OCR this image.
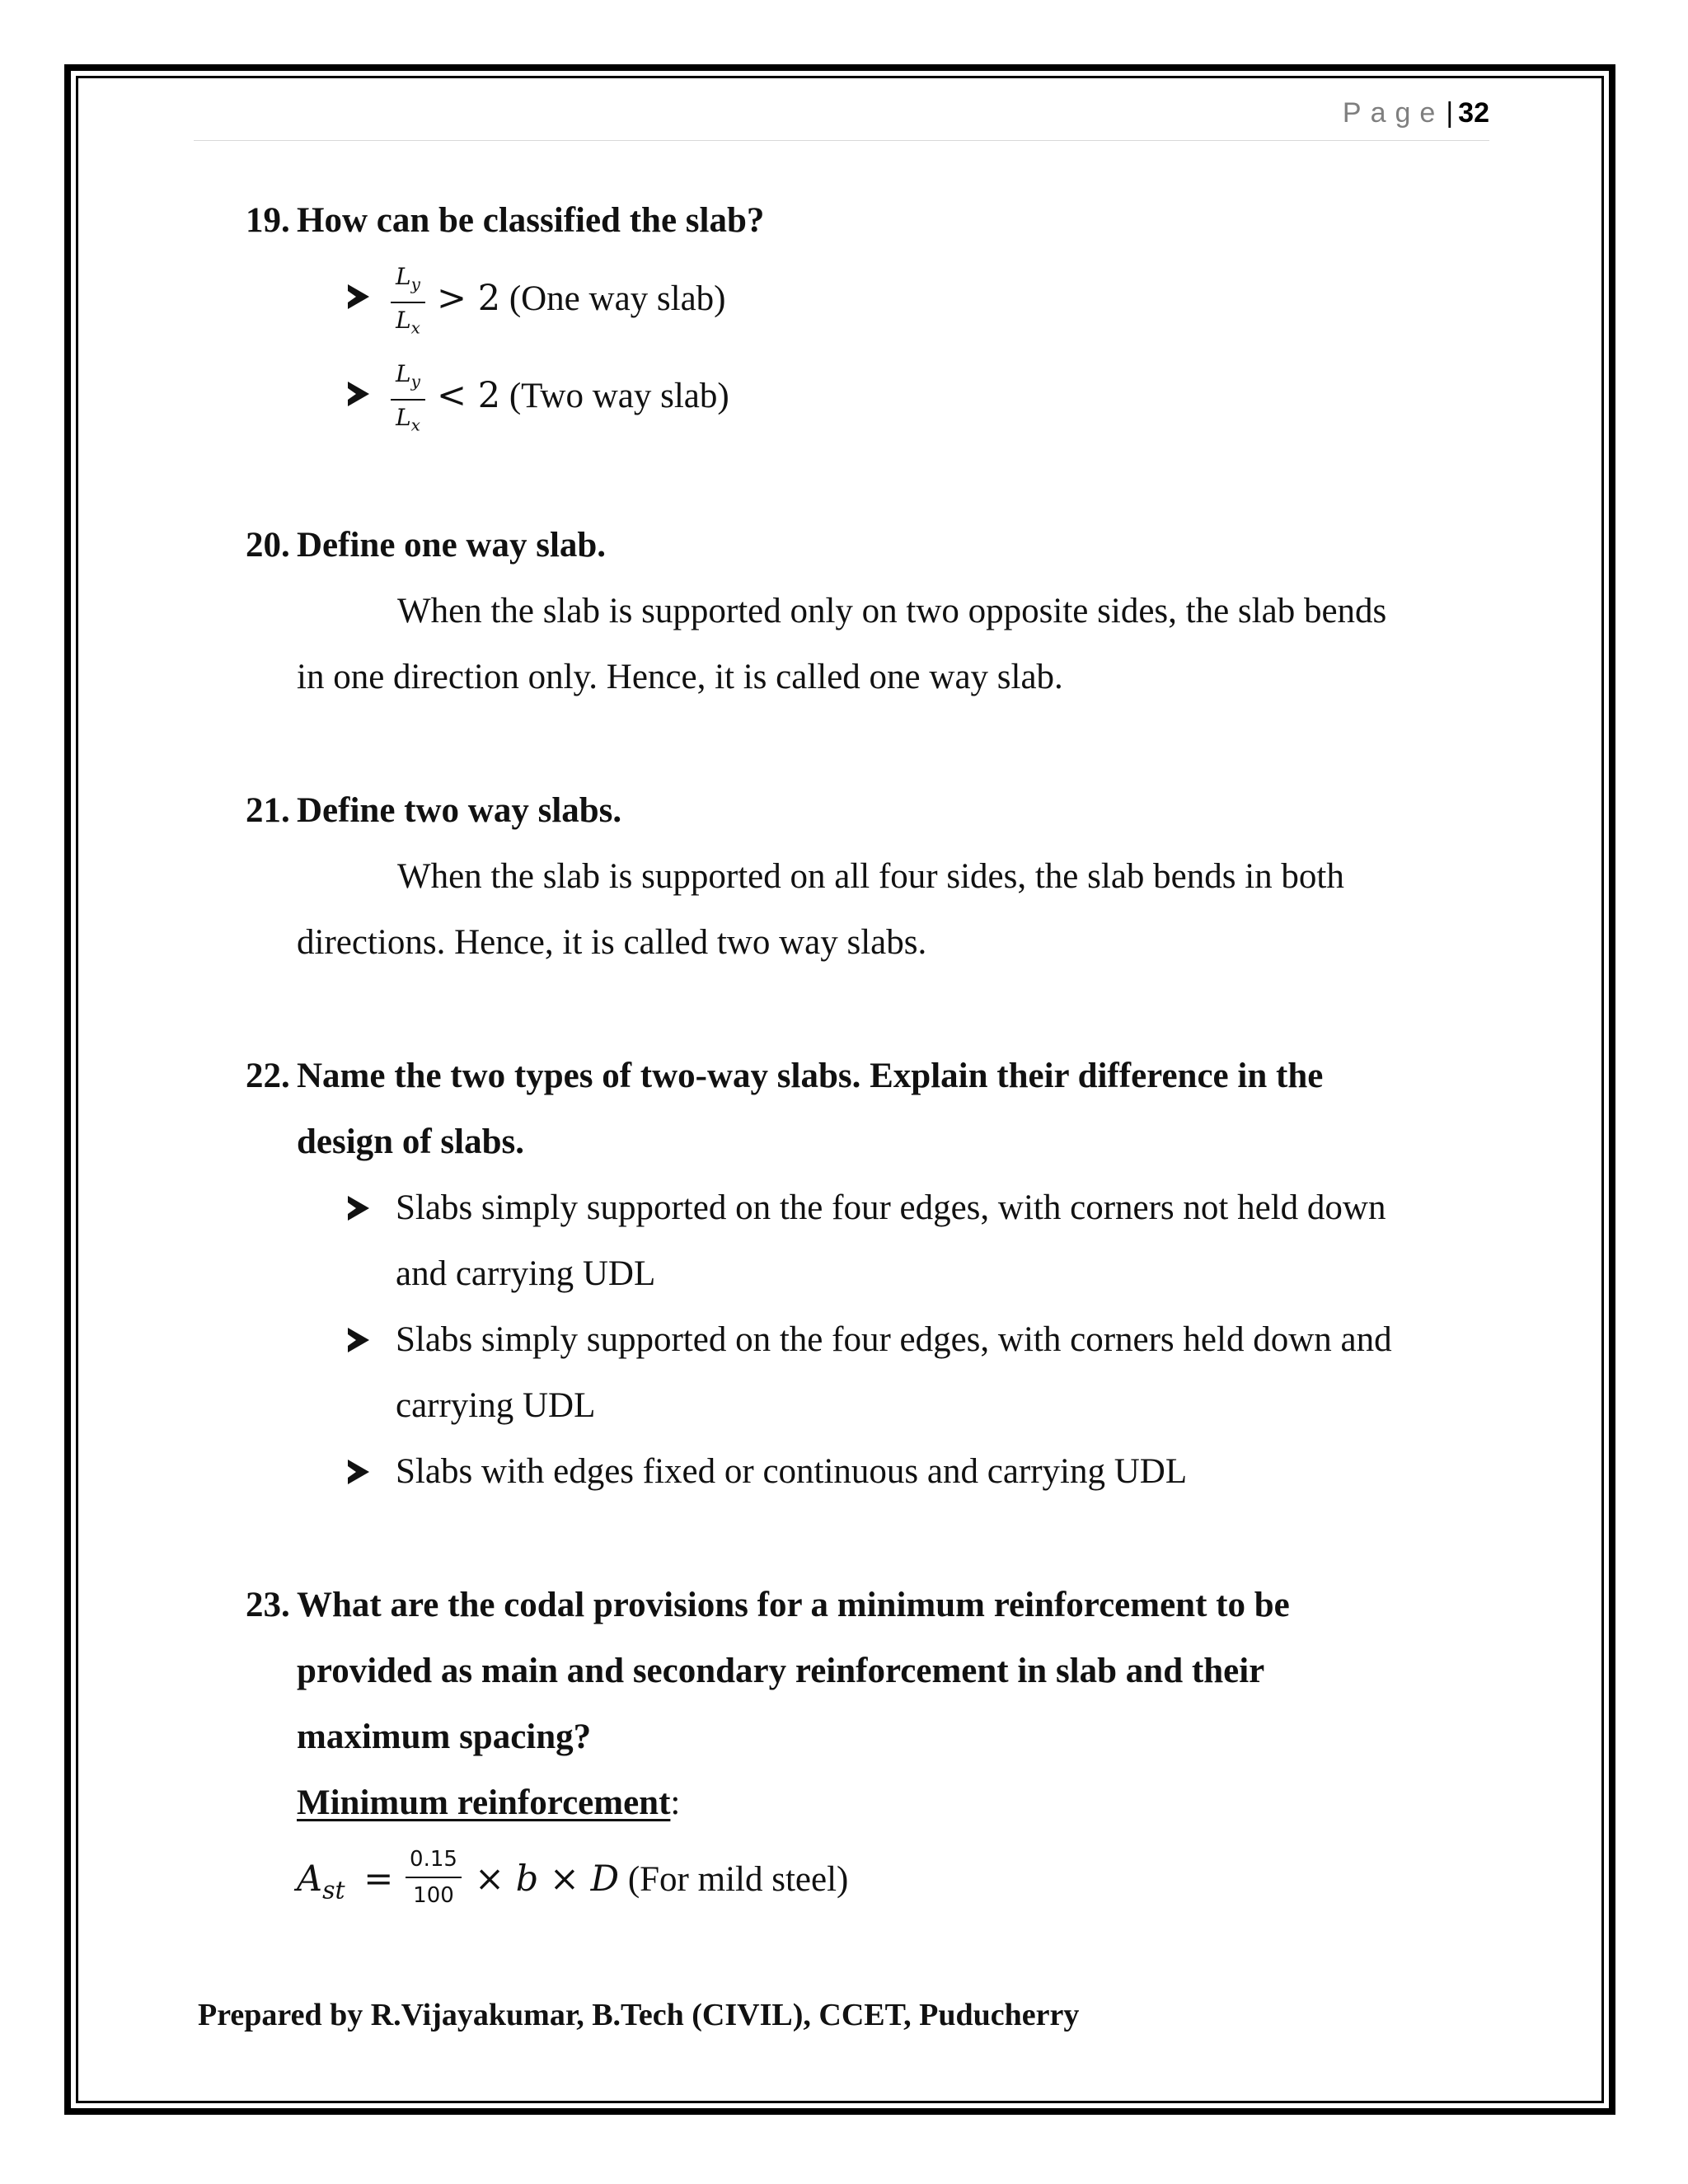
Page| 32
19. How can be classified the slab?
$L_y$
$L_x$
> 2 (One way slab)
$L_y$
$L_x$
< 2 (Two way slab)
20. Define one way slab.
When the slab is supported only on two opposite sides, the slab bends
in one direction only. Hence, it is called one way slab.
21. Define two way slabs.
When the slab is supported on all four sides, the slab bends in both
directions. Hence, it is called two way slabs.
22. Name the two types of two-way slabs. Explain their difference in the
design of slabs.
Slabs simply supported on the four edges, with corners not held down
and carrying UDL
Slabs simply supported on the four edges, with corners held down and
carrying UDL
Slabs with edges fixed or continuous and carrying UDL
23. What are the codal provisions for a minimum reinforcement to be
provided as main and secondary reinforcement in slab and their
maximum spacing?
Minimum reinforcement:
$A_{st} = 0.15$
100 × b × D (For mild steel)
Prepared by R.Vijayakumar, B.Tech (CIVIL), CCET, Puducherry
